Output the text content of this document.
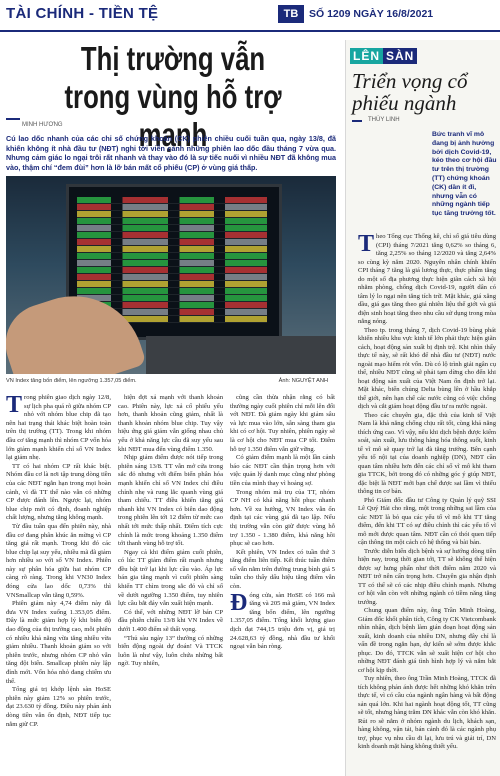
TÀI CHÍNH - TIỀN TỆ	TB	SỐ 1209 NGÀY 16/8/2021
Thị trường vẫn trong vùng hỗ trợ mạnh
MINH HƯƠNG
Cú lao dốc nhanh của các chỉ số chứng khoán (CK) phiên chiều cuối tuần qua, ngày 13/8, đã khiến không ít nhà đầu tư (NĐT) nghi tới viễn cảnh những phiên lao dốc đầu tháng 7 vừa qua. Nhưng cảm giác lo ngại trôi rất nhanh và thay vào đó là sự tiếc nuối vì nhiều NĐT đã không mua vào, thậm chí “đem đùi” hơn là lỡ bán mất cổ phiếu (CP) ở vùng giá thấp.
VN Index tăng bốn điểm, lên ngưỡng 1.357,05 điểm.	Ảnh: NGUYỆT ANH

Trong phiên giao dịch ngày 12/8, sự lịch pha quá rõ giữa nhóm CP nhỏ với nhóm blue chip đã tạo nên hai trạng thái khác biệt hoàn toàn trên thị trường (TT). Trong khi nhóm đầu cơ tăng mạnh thì nhóm CP vốn hóa lớn giảm mạnh khiến chỉ số VN Index lại giảm nhẹ.

TT có hai nhóm CP rất khác biệt. Nhóm đầu cơ là nơi tập trung dòng tiền của các NĐT ngắn hạn trong mọi hoàn cảnh, vì đà TT thế nào vẫn có những CP được đánh lên. Ngược lại, nhóm blue chip mới có định, đoanh nghiệp chất lượng, nhưng tăng không mạnh.

Từ đầu tuần qua đến phiên này, nhà đầu cơ đang phân khúc ăn mừng vì CP tăng giá rất mạnh. Trong khi đó các blue chip lại suy yếu, nhiều mã đã giảm hơn nhiều so với số VN Index. Phiên này sự phân hóa giữa hai nhóm CP càng rõ ràng. Trong khi VN30 Index đóng cửa lao dốc 0,73% thì VNSmallcap vẫn tăng 0,59%.

Phiên giảm này 4,74 điểm này đã đưa VN Index xuống 1.353,05 điểm. Đây là mức giảm hợp lý khi biên độ dao động của thị trường cao, mỗi phiên có nhiều khả năng vừa tăng nhiều vừa giảm nhiều. Thanh khoản giảm so với phiên trước, nhưng nhóm CP nhỏ vẫn tăng đột biến. Smallcap phiên này lập đỉnh mới. Vốn hóa nhỏ đang chiếm ưu thế.

Tổng giá trị khớp lệnh sàn HoSE phiên này giảm 12% so phiên trước, đạt 23.630 tỷ đồng. Điều này phản ánh dòng tiền vẫn ổn định, NĐT tiếp tục nắm giữ CP.

hiện đợt xả mạnh với thanh khoản cao. Phiên này, lực xả cổ phiếu yếu hơn, thanh khoản cũng giảm, nhất là thanh khoản nhóm blue chip. Tuy vậy hiệu ứng giá giảm vẫn giống nhau chủ yếu ở khả năng lực cầu đã suy yếu sau khi NĐT mua đến vùng điểm 1.350.

Nhịp giảm điểm được nói tiếp trong phiên sáng 13/8. TT vẫn mở cửa trong sắc đỏ nhưng với điểm biến phân hóa mạnh khiến chỉ số VN Index chỉ điều chỉnh nhẹ và rung lắc quanh vùng giá tham chiếu. TT điều khiển tăng giá nhanh khi VN Index có biên dao động trong phiên lên tới 12 điểm từ mức cao nhất tới mức thấp nhất. Điểm tích cực chính là mức trong khoảng 1.350 điểm tới thanh vùng hỗ trợ tốt.

Ngay cả khi điểm giảm cuối phiên, có lúc TT giảm điểm rất mạnh nhưng đều bật trở lại khi lực cầu vào. Áp lực bán gia tăng mạnh vì cuối phiên sàng khiến TT chìm trong sắc đỏ và chỉ số về dưới ngưỡng 1.350 điểm, tuy nhiên lực cầu bắt đáy vẫn xuất hiện mạnh.

Có thể, với những NĐT lỡ bán CP đầu phiên chiều 13/8 khi VN Index về dưới 1.400 điểm sẽ thất vọng.

“Thủ sàu ngày 13” thường có những biến động ngoài dự đoán! Và TTCK luôn là như vậy, luôn chứa những bất ngờ. Tuy nhiên,

cũng cần thừa nhận rằng có bất thường ngày cuối phiên chỉ mỗi lên đối với NĐT. Đà giảm ngày khi giảm sâu và lực mua vào lớn, sẵn sàng tham gia khi có cơ hội. Tuy nhiên, phiên ngày sẽ là cơ hội cho NĐT mua CP tốt. Điểm hỗ trợ 1.350 điểm vẫn giữ vững.

Có giảm điểm mạnh là một lần cảnh báo các NĐT cần thận trọng hơn với việc quản lý danh mục cũng như phòng tiền của mình thay vì hoảng sợ.

Trong nhóm mã trụ của TT, nhóm CP NH có khả năng hồi phục nhanh hơn. Về xu hướng, VN Index vẫn ổn định tại các vùng giá đã tạo lập. Nếu thị trường vẫn còn giữ được vùng hỗ trợ 1.350 - 1.380 điểm, khả năng hồi phục sẽ cao hơn.

Kết phiên, VN Index có tuần thứ 3 tăng điểm liên tiếp. Kết thúc tuần điểm số vẫn nằm trên đường trung bình giá 5 tuần cho thấy dấu hiệu tăng điểm vẫn còn.

Đóng cửa, sàn HoSE có 166 mã tăng và 205 mã giảm, VN Index tăng bốn điểm, lên ngưỡng 1.357,05 điểm. Tổng khối lượng giao dịch đạt 744,15 triệu đơn vị, giá trị 24.628,63 tỷ đồng, nhà đầu tư khối ngoại vẫn bán ròng.

LÊN SÀN
Triển vọng cổ phiếu ngành
THÙY LINH
Bức tranh vĩ mô đang bị ảnh hưởng bởi dịch Covid-19, kéo theo cơ hội đầu tư trên thị trường (TT) chứng khoán (CK) dần ít đi, nhưng vẫn có những ngành tiếp tục tăng trưởng tốt.

Theo Tổng cục Thống kê, chỉ số giá tiêu dùng (CPI) tháng 7/2021 tăng 0,62% so tháng 6, tăng 2,25% so tháng 12/2020 và tăng 2,64% so cùng kỳ năm 2020. Nguyên nhân chính khiến CPI tháng 7 tăng là giá lương thực, thực phẩm tăng do một số địa phương thực hiện giãn cách xã hội nhằm phòng, chống dịch Covid-19, người dân có tâm lý lo ngại nên tăng tích trữ. Mặt khác, giá xăng dầu, giá gas tăng theo giá nhiên liệu thế giới và giá điện sinh hoạt tăng theo nhu cầu sử dụng trong mùa nắng nóng.

Theo tp. trong tháng 7, dịch Covid-19 bùng phát khiến nhiều khu vực kinh tế lớn phải thực hiện giãn cách, hoạt động sản xuất bị định trệ. Khi nhìn thấy thực tế này, sẽ rất khó để nhà đầu tư (NĐT) nước ngoài mạo hiểm rót vốn. Dù có lộ trình giải ngân cụ thể, nhiều NĐT cũng sẽ phải tạm dừng cho đến khi hoạt động sản xuất của Việt Nam ổn định trở lại. Mặt khác, biến chủng Delta bùng lên ở hầu khắp thế giới, nên hạn chế các nước cũng có việc chống dịch và cắt giảm hoạt động đầu tư ra nước ngoài.

Theo các chuyên gia, đặc thù của kinh tế Việt Nam là khả năng chống chịu rất tốt, cùng khả năng thích ứng cao. Vì vậy, nếu khi dịch bệnh được kiểm soát, sản xuất, lưu thông hàng hóa thông suốt, kinh tế vĩ mô sẽ quay trở lại đà tăng trưởng. Bên cạnh yếu tố nội tại của doanh nghiệp (DN), NĐT cần quan tâm nhiều hơn đến các chỉ số vĩ mô khi tham gia TTCK, bởi trong đó có những góc ý giúp NĐT, đặc biệt là NĐT mới bạn chế được sai lầm vì thiếu thông tin cơ bản.

Phó Giám đốc đầu tư Công ty Quản lý quỹ SSI Lê Quý Hải cho rằng, một trong những sai lầm của các NĐT là bỏ qua các yếu tố vĩ mô khi TT tăng điểm, đến khi TT có sự điều chỉnh thì các yếu tố vĩ mô mới được quan tâm. NĐT cần có thói quen tiếp cận thông tin một cách có hệ thống và bài bản.

Trước diễn biến dịch bệnh và sự hướng dòng tiền hiện nay, trong thời gian tới, TT sẽ không thể hiện được sự hưng phấn như thời điểm năm 2020 và NĐT trở nên cẩn trọng hơn. Chuyên gia nhận định TT có thể sẽ có các nhịp điều chỉnh mạnh. Nhưng cơ hội vẫn còn với những ngành có tiềm năng tăng trưởng.

Chung quan điểm này, ông Trần Minh Hoàng, Giám đốc khối phân tích, Công ty CK Vietcombank nhìn nhận, dịch bệnh làm gián đoạn hoạt động sản xuất, kinh doanh của nhiều DN, nhưng đây chỉ là vấn đề trong ngắn hạn, dự kiến sẽ sớm được khắc phục. Do đó, TTCK vẫn sẽ xuất hiện cơ hội cho những NĐT đánh giá tình hình hợp lý và nắm bắt cơ hội kịp thời.

Tuy nhiên, theo ông Trần Minh Hoàng, TTCK đã tích không phản ánh được hết những khó khăn trên thực tế, vì có cầu của ngành ngân hàng và bất động sản quá lớn. Khi hai ngành hoạt động tốt, TT cũng sẽ tốt, nhưng hàng trăm DN khác vẫn còn khó khăn. Rủi ro sẽ nằm ở nhóm ngành du lịch, khách sạn, hàng không, vận tải, bán cảnh đó là các ngành phụ trợ, phục vụ nhu cầu đi lại, lưu trú và giải trí, DN kinh doanh mặt hàng không thiết yếu.
